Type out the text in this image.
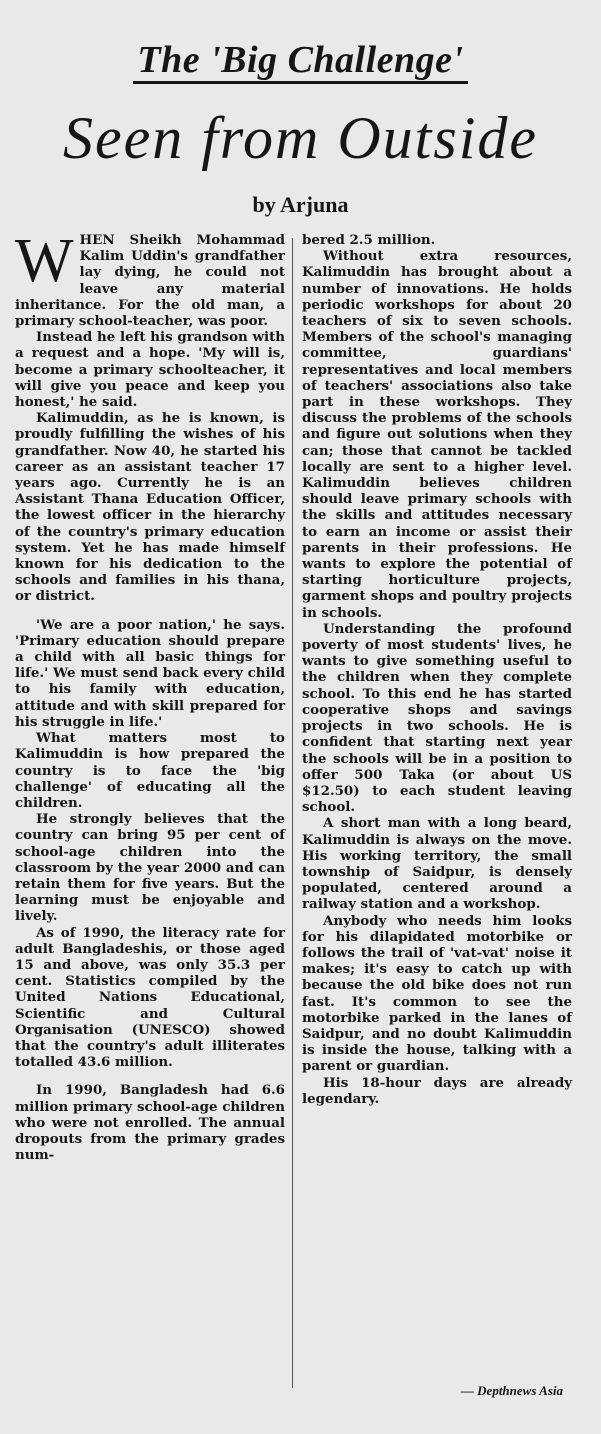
The 'Big Challenge'
Seen from Outside
by Arjuna

WHEN Sheikh Mohammad Kalim Uddin's grandfather lay dying, he could not leave any material inheritance. For the old man, a primary school-teacher, was poor.

Instead he left his grandson with a request and a hope. 'My will is, become a primary schoolteacher, it will give you peace and keep you honest,' he said.

Kalimuddin, as he is known, is proudly fulfilling the wishes of his grandfather. Now 40, he started his career as an assistant teacher 17 years ago. Currently he is an Assistant Thana Education Officer, the lowest officer in the hierarchy of the country's primary education system. Yet he has made himself known for his dedication to the schools and families in his thana, or district.

'We are a poor nation,' he says. 'Primary education should prepare a child with all basic things for life.' We must send back every child to his family with education, attitude and with skill prepared for his struggle in life.'

What matters most to Kalimuddin is how prepared the country is to face the 'big challenge' of educating all the children.

He strongly believes that the country can bring 95 per cent of school-age children into the classroom by the year 2000 and can retain them for five years. But the learning must be enjoyable and lively.

As of 1990, the literacy rate for adult Bangladeshis, or those aged 15 and above, was only 35.3 per cent. Statistics compiled by the United Nations Educational, Scientific and Cultural Organisation (UNESCO) showed that the country's adult illiterates totalled 43.6 million.

In 1990, Bangladesh had 6.6 million primary school-age children who were not enrolled. The annual dropouts from the primary grades num-

bered 2.5 million.

Without extra resources, Kalimuddin has brought about a number of innovations. He holds periodic workshops for about 20 teachers of six to seven schools. Members of the school's managing committee, guardians' representatives and local members of teachers' associations also take part in these workshops. They discuss the problems of the schools and figure out solutions when they can; those that cannot be tackled locally are sent to a higher level. Kalimuddin believes children should leave primary schools with the skills and attitudes necessary to earn an income or assist their parents in their professions. He wants to explore the potential of starting horticulture projects, garment shops and poultry projects in schools.

Understanding the profound poverty of most students' lives, he wants to give something useful to the children when they complete school. To this end he has started cooperative shops and savings projects in two schools. He is confident that starting next year the schools will be in a position to offer 500 Taka (or about US $12.50) to each student leaving school.

A short man with a long beard, Kalimuddin is always on the move. His working territory, the small township of Saidpur, is densely populated, centered around a railway station and a workshop.

Anybody who needs him looks for his dilapidated motorbike or follows the trail of 'vat-vat' noise it makes; it's easy to catch up with because the old bike does not run fast. It's common to see the motorbike parked in the lanes of Saidpur, and no doubt Kalimuddin is inside the house, talking with a parent or guardian.

His 18-hour days are already legendary.

— Depthnews Asia
